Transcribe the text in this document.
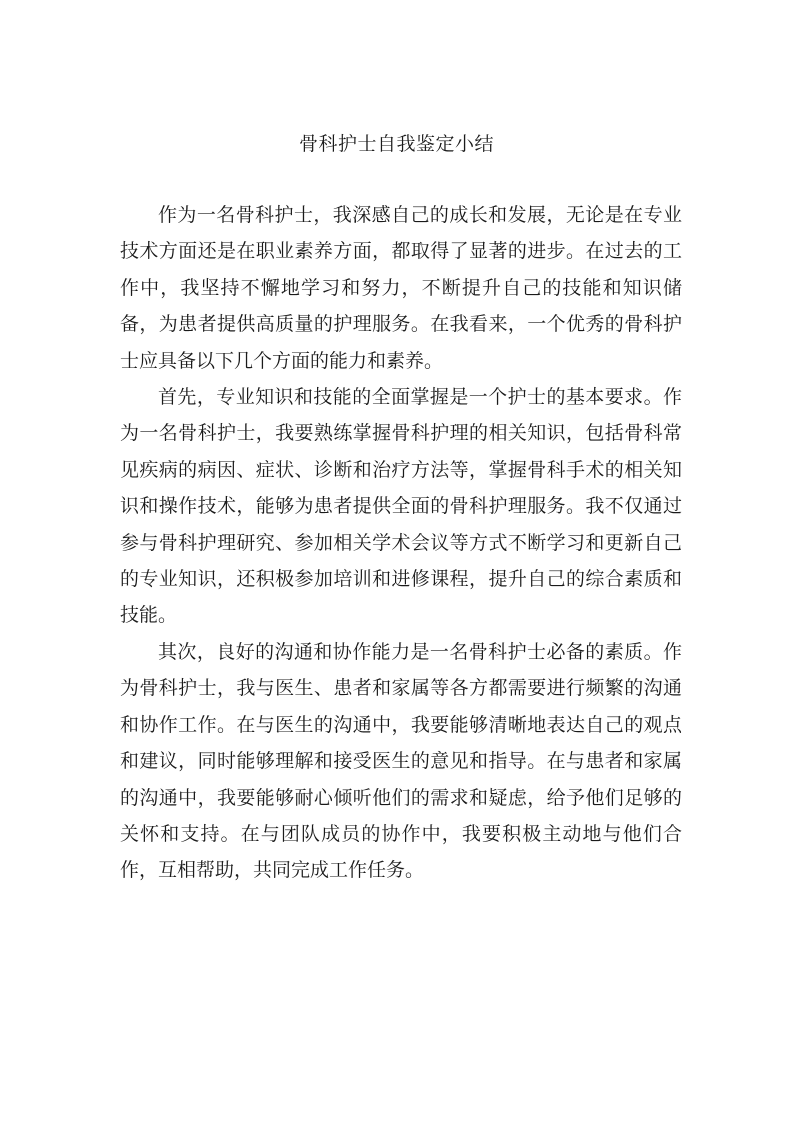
骨科护士自我鉴定小结

作为一名骨科护士，我深感自己的成长和发展，无论是在专业技术方面还是在职业素养方面，都取得了显著的进步。在过去的工作中，我坚持不懈地学习和努力，不断提升自己的技能和知识储备，为患者提供高质量的护理服务。在我看来，一个优秀的骨科护士应具备以下几个方面的能力和素养。

首先，专业知识和技能的全面掌握是一个护士的基本要求。作为一名骨科护士，我要熟练掌握骨科护理的相关知识，包括骨科常见疾病的病因、症状、诊断和治疗方法等，掌握骨科手术的相关知识和操作技术，能够为患者提供全面的骨科护理服务。我不仅通过参与骨科护理研究、参加相关学术会议等方式不断学习和更新自己的专业知识，还积极参加培训和进修课程，提升自己的综合素质和技能。

其次，良好的沟通和协作能力是一名骨科护士必备的素质。作为骨科护士，我与医生、患者和家属等各方都需要进行频繁的沟通和协作工作。在与医生的沟通中，我要能够清晰地表达自己的观点和建议，同时能够理解和接受医生的意见和指导。在与患者和家属的沟通中，我要能够耐心倾听他们的需求和疑虑，给予他们足够的关怀和支持。在与团队成员的协作中，我要积极主动地与他们合作，互相帮助，共同完成工作任务。
